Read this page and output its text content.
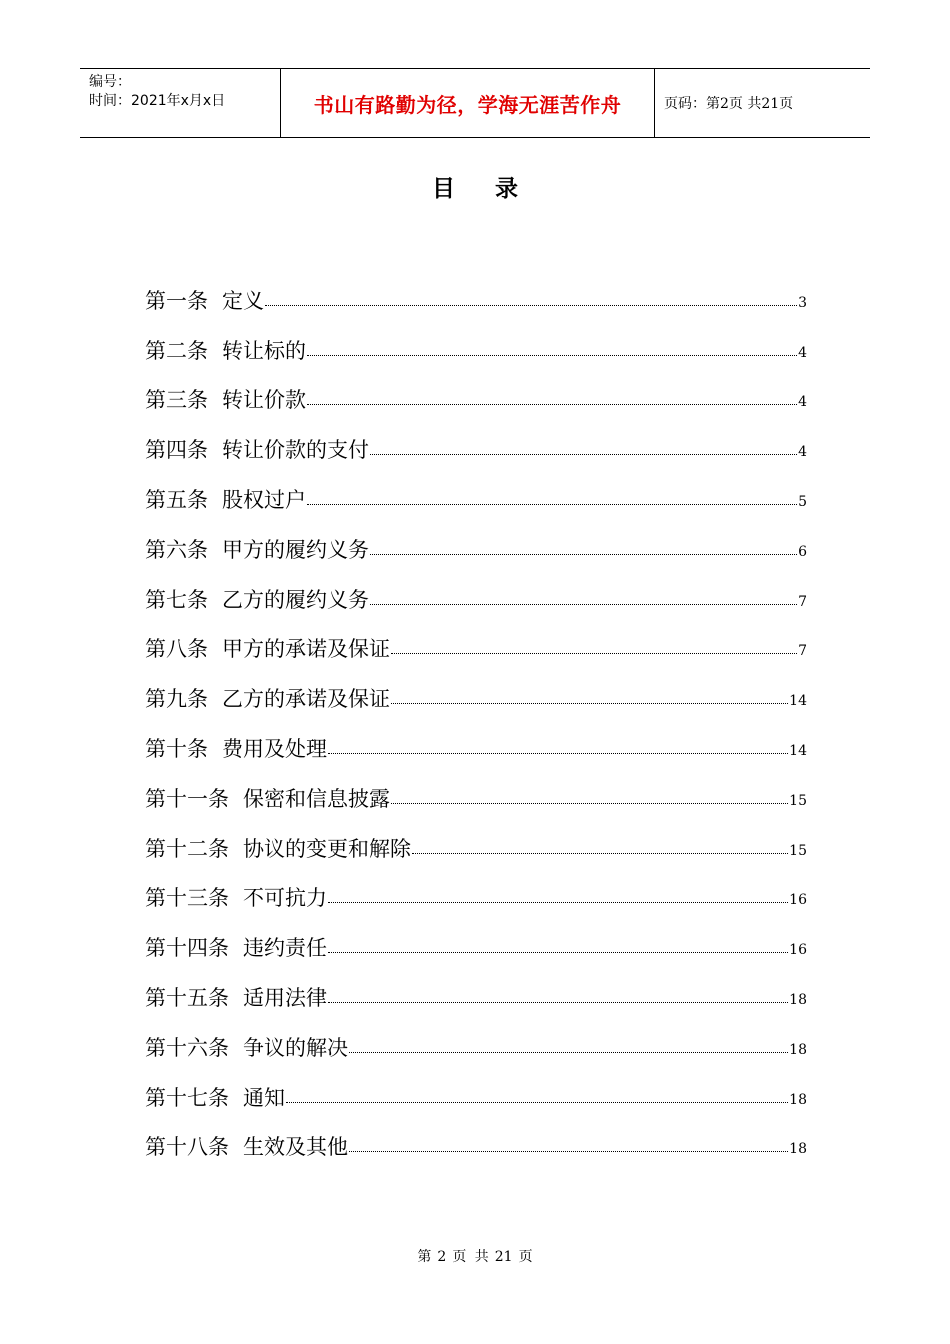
编号：
时间：2021年x月x日	书山有路勤为径，学海无涯苦作舟	页码：第2页 共21页
目录
第一条 定义	3
第二条 转让标的	4
第三条 转让价款	4
第四条 转让价款的支付	4
第五条 股权过户	5
第六条 甲方的履约义务	6
第七条 乙方的履约义务	7
第八条 甲方的承诺及保证	7
第九条 乙方的承诺及保证	14
第十条 费用及处理	14
第十一条 保密和信息披露	15
第十二条 协议的变更和解除	15
第十三条 不可抗力	16
第十四条 违约责任	16
第十五条 适用法律	18
第十六条 争议的解决	18
第十七条 通知	18
第十八条 生效及其他	18
第 2 页 共 21 页
